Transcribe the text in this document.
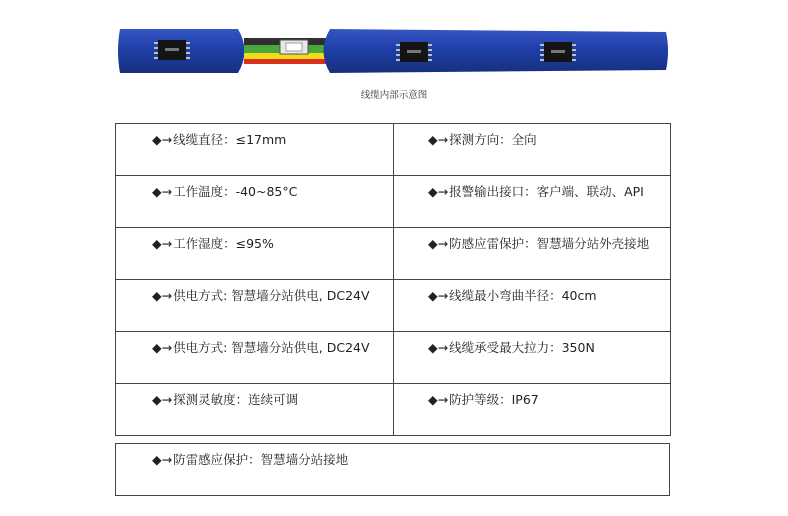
线缆内部示意图
◆→线缆直径：≤17mm	◆→探测方向：全向
◆→工作温度：-40~85°C	◆→报警输出接口：客户端、联动、API
◆→工作湿度：≤95%	◆→防感应雷保护：智慧墙分站外壳接地
◆→供电方式: 智慧墙分站供电, DC24V	◆→线缆最小弯曲半径：40cm
◆→供电方式: 智慧墙分站供电, DC24V	◆→线缆承受最大拉力：350N
◆→探测灵敏度：连续可调	◆→防护等级：IP67
◆→防雷感应保护：智慧墙分站接地
